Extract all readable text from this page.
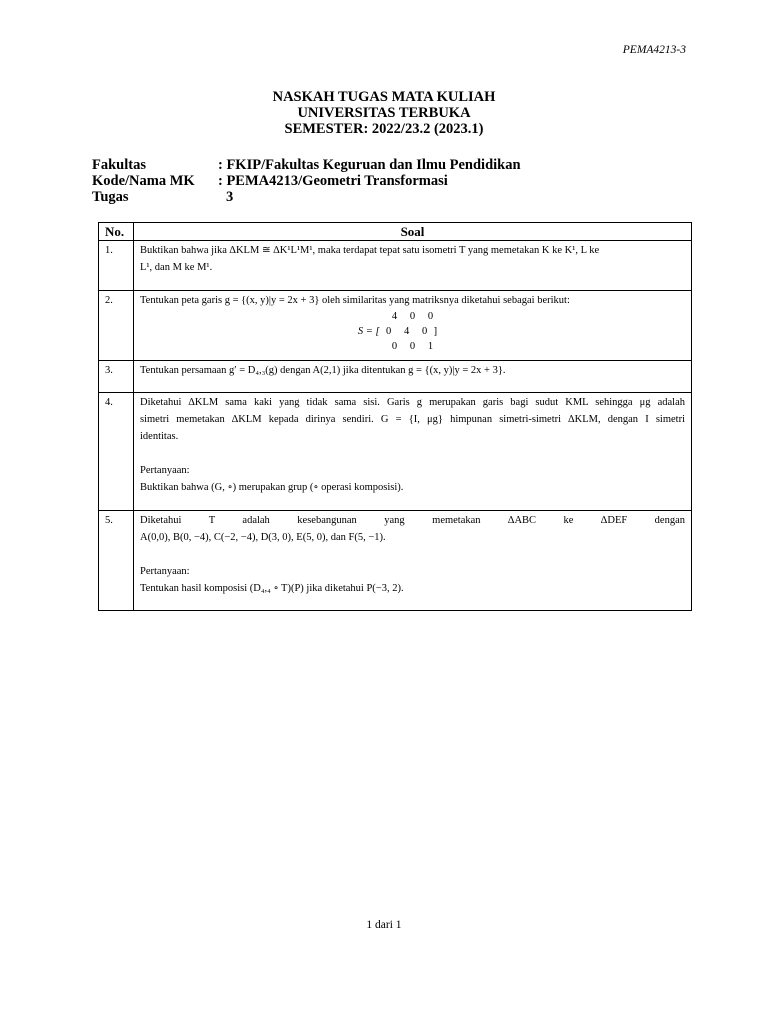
PEMA4213-3
NASKAH TUGAS MATA KULIAH
UNIVERSITAS TERBUKA
SEMESTER: 2022/23.2 (2023.1)
Fakultas	: FKIP/Fakultas Keguruan dan Ilmu Pendidikan
Kode/Nama MK	: PEMA4213/Geometri Transformasi
Tugas	3
No.	Soal
1.	Buktikan bahwa jika ∆KLM ≅ ∆K¹L¹M¹, maka terdapat tepat satu isometri T yang memetakan K ke K¹, L ke
L¹, dan M ke M¹.

2.	Tentukan peta garis g = {(x, y)|y = 2x + 3} oleh similaritas yang matriksnya diketahui sebagai berikut:
4 0 0
S = [ 0 4 0 ]
0 0 1

3.	Tentukan persamaan g′ = D₄,₃(g) dengan A(2,1) jika ditentukan g = {(x, y)|y = 2x + 3}.

4.	Diketahui ∆KLM sama kaki yang tidak sama sisi. Garis g merupakan garis bagi sudut KML sehingga μg adalah
simetri memetakan ∆KLM kepada dirinya sendiri. G = {I, μg} himpunan simetri-simetri ∆KLM, dengan I simetri
identitas.
Pertanyaan:
Buktikan bahwa (G, ∘) merupakan grup (∘ operasi komposisi).

5.	Diketahui T adalah kesebangunan yang memetakan ∆ABC ke ∆DEF dengan
A(0,0), B(0, −4), C(−2, −4), D(3, 0), E(5, 0), dan F(5, −1).
Pertanyaan:
Tentukan hasil komposisi (D₄,₄ ∘ T)(P) jika diketahui P(−3, 2).
1 dari 1
